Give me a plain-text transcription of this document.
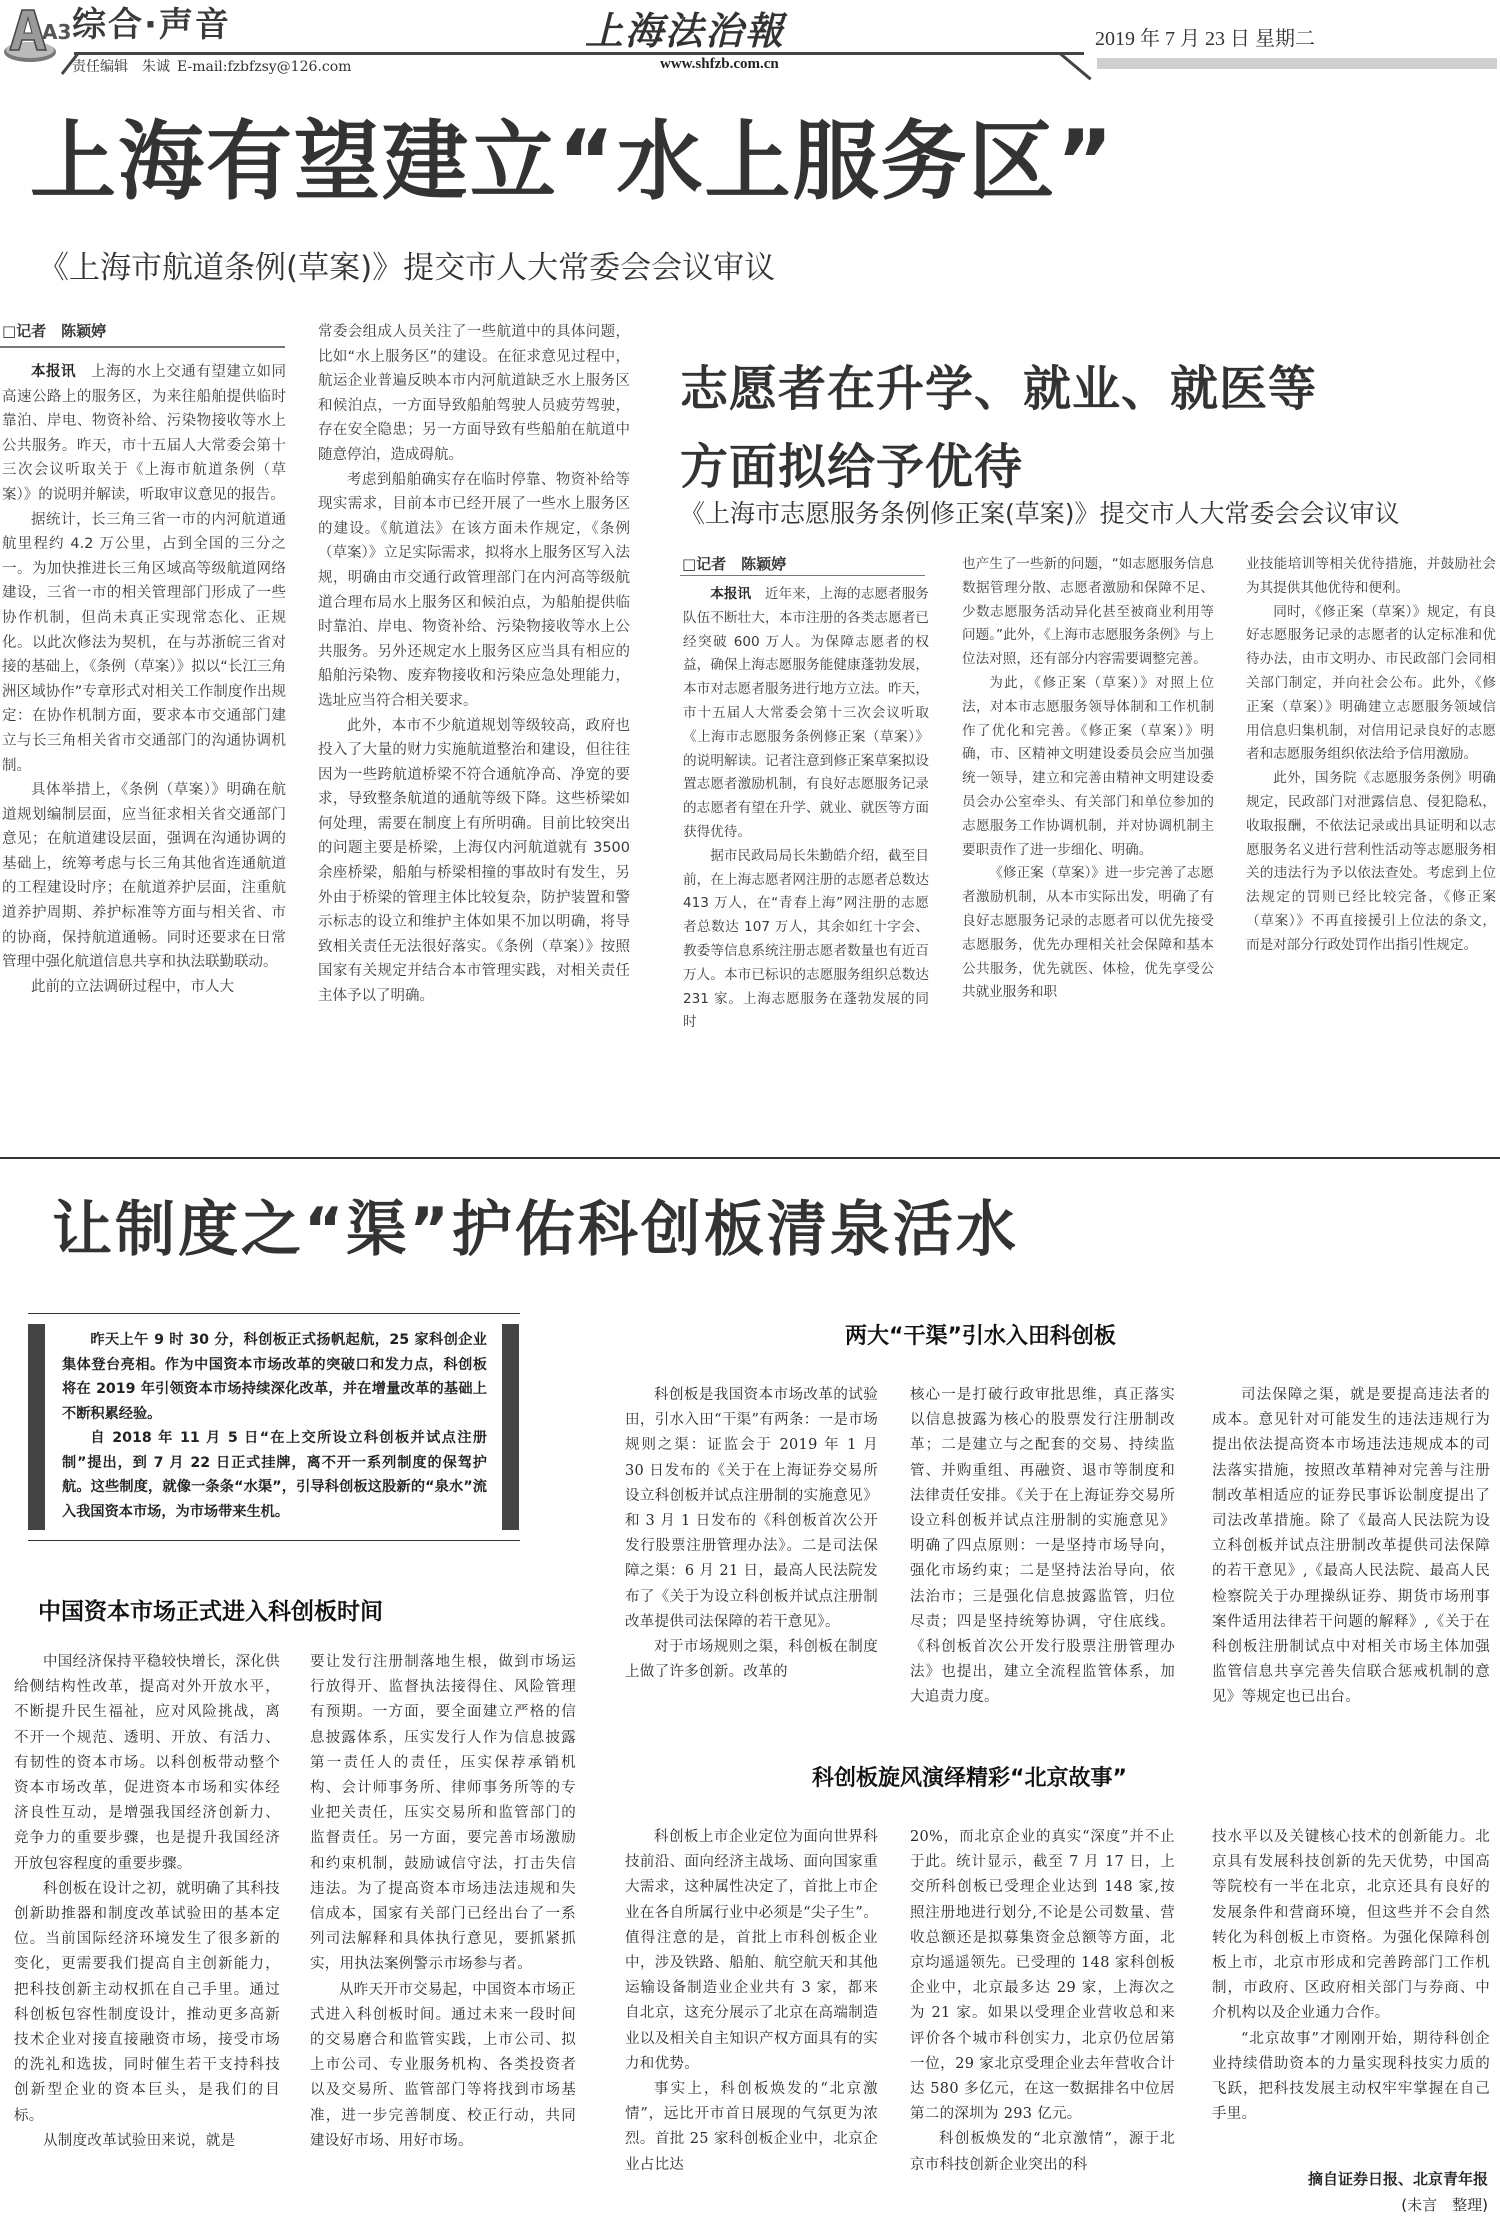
A3 综合·声音
责任编辑　 朱诚  E-mail:fzbfzsy@126.com
上海法治報
www.shfzb.com.cn
2019 年 7 月 23 日 星期二
上海有望建立“水上服务区”
《上海市航道条例(草案)》提交市人大常委会会议审议
□记者　陈颖婷

本报讯　 上海的水上交通有望建立如同高速公路上的服务区，为来往船舶提供临时靠泊、岸电、物资补给、污染物接收等水上公共服务。昨天，市十五届人大常委会第十三次会议听取关于《上海市航道条例（草案）》的说明并解读，听取审议意见的报告。

据统计，长三角三省一市的内河航道通航里程约 4.2 万公里，占到全国的三分之一。为加快推进长三角区域高等级航道网络建设，三省一市的相关管理部门形成了一些协作机制，但尚未真正实现常态化、正规化。以此次修法为契机，在与苏浙皖三省对接的基础上，《条例（草案）》拟以“长江三角洲区域协作”专章形式对相关工作制度作出规定：在协作机制方面，要求本市交通部门建立与长三角相关省市交通部门的沟通协调机制。

具体举措上，《条例（草案）》明确在航道规划编制层面，应当征求相关省交通部门意见；在航道建设层面，强调在沟通协调的基础上，统筹考虑与长三角其他省连通航道的工程建设时序；在航道养护层面，注重航道养护周期、养护标准等方面与相关省、市的协商，保持航道通畅。同时还要求在日常管理中强化航道信息共享和执法联勤联动。

此前的立法调研过程中，市人大

常委会组成人员关注了一些航道中的具体问题，比如“水上服务区”的建设。在征求意见过程中，航运企业普遍反映本市内河航道缺乏水上服务区和候泊点，一方面导致船舶驾驶人员疲劳驾驶，存在安全隐患；另一方面导致有些船舶在航道中随意停泊，造成碍航。

考虑到船舶确实存在临时停靠、物资补给等现实需求，目前本市已经开展了一些水上服务区的建设。《航道法》在该方面未作规定，《条例（草案）》立足实际需求，拟将水上服务区写入法规，明确由市交通行政管理部门在内河高等级航道合理布局水上服务区和候泊点，为船舶提供临时靠泊、岸电、物资补给、污染物接收等水上公共服务。另外还规定水上服务区应当具有相应的船舶污染物、废弃物接收和污染应急处理能力，选址应当符合相关要求。

此外，本市不少航道规划等级较高，政府也投入了大量的财力实施航道整治和建设，但往往因为一些跨航道桥梁不符合通航净高、净宽的要求，导致整条航道的通航等级下降。这些桥梁如何处理，需要在制度上有所明确。目前比较突出的问题主要是桥梁，上海仅内河航道就有 3500 余座桥梁，船舶与桥梁相撞的事故时有发生，另外由于桥梁的管理主体比较复杂，防护装置和警示标志的设立和维护主体如果不加以明确，将导致相关责任无法很好落实。《条例（草案）》按照国家有关规定并结合本市管理实践，对相关责任主体予以了明确。

志愿者在升学、就业、就医等
方面拟给予优待
《上海市志愿服务条例修正案(草案)》提交市人大常委会会议审议
□记者　陈颖婷

本报讯　 近年来，上海的志愿者服务队伍不断壮大，本市注册的各类志愿者已经突破 600 万人。为保障志愿者的权益，确保上海志愿服务能健康蓬勃发展，本市对志愿者服务进行地方立法。昨天，市十五届人大常委会第十三次会议听取《上海市志愿服务条例修正案（草案）》的说明解读。记者注意到修正案草案拟设置志愿者激励机制，有良好志愿服务记录的志愿者有望在升学、就业、就医等方面获得优待。

据市民政局局长朱勤皓介绍，截至目前，在上海志愿者网注册的志愿者总数达 413 万人，在“青春上海”网注册的志愿者总数达 107 万人，其余如红十字会、教委等信息系统注册志愿者数量也有近百万人。本市已标识的志愿服务组织总数达 231 家。上海志愿服务在蓬勃发展的同时

也产生了一些新的问题，“如志愿服务信息数据管理分散、志愿者激励和保障不足、少数志愿服务活动异化甚至被商业利用等问题。”此外，《上海市志愿服务条例》与上位法对照，还有部分内容需要调整完善。

为此，《修正案（草案）》对照上位法，对本市志愿服务领导体制和工作机制作了优化和完善。《修正案（草案）》明确，市、区精神文明建设委员会应当加强统一领导，建立和完善由精神文明建设委员会办公室牵头、有关部门和单位参加的志愿服务工作协调机制，并对协调机制主要职责作了进一步细化、明确。

《修正案（草案）》进一步完善了志愿者激励机制，从本市实际出发，明确了有良好志愿服务记录的志愿者可以优先接受志愿服务，优先办理相关社会保障和基本公共服务，优先就医、体检，优先享受公共就业服务和职

业技能培训等相关优待措施，并鼓励社会为其提供其他优待和便利。

同时，《修正案（草案）》规定，有良好志愿服务记录的志愿者的认定标准和优待办法，由市文明办、市民政部门会同相关部门制定，并向社会公布。此外，《修正案（草案）》明确建立志愿服务领域信用信息归集机制，对信用记录良好的志愿者和志愿服务组织依法给予信用激励。

此外，国务院《志愿服务条例》明确规定，民政部门对泄露信息、侵犯隐私，收取报酬，不依法记录或出具证明和以志愿服务名义进行营利性活动等志愿服务相关的违法行为予以依法查处。考虑到上位法规定的罚则已经比较完备，《修正案（草案）》不再直接援引上位法的条文，而是对部分行政处罚作出指引性规定。

让制度之“渠”护佑科创板清泉活水

昨天上午 9 时 30 分，科创板正式扬帆起航，25 家科创企业集体登台亮相。作为中国资本市场改革的突破口和发力点，科创板将在 2019 年引领资本市场持续深化改革，并在增量改革的基础上不断积累经验。

自 2018 年 11 月 5 日“在上交所设立科创板并试点注册制”提出，到 7 月 22 日正式挂牌，离不开一系列制度的保驾护航。这些制度，就像一条条“水渠”，引导科创板这股新的“泉水”流入我国资本市场，为市场带来生机。

中国资本市场正式进入科创板时间

中国经济保持平稳较快增长，深化供给侧结构性改革，提高对外开放水平，不断提升民生福祉，应对风险挑战，离不开一个规范、透明、开放、有活力、有韧性的资本市场。以科创板带动整个资本市场改革，促进资本市场和实体经济良性互动，是增强我国经济创新力、竞争力的重要步骤，也是提升我国经济开放包容程度的重要步骤。

科创板在设计之初，就明确了其科技创新助推器和制度改革试验田的基本定位。当前国际经济环境发生了很多新的变化，更需要我们提高自主创新能力，把科技创新主动权抓在自己手里。通过科创板包容性制度设计，推动更多高新技术企业对接直接融资市场，接受市场的洗礼和选拔，同时催生若干支持科技创新型企业的资本巨头，是我们的目标。

从制度改革试验田来说，就是

要让发行注册制落地生根，做到市场运行放得开、监督执法接得住、风险管理有预期。一方面，要全面建立严格的信息披露体系，压实发行人作为信息披露第一责任人的责任，压实保荐承销机构、会计师事务所、律师事务所等的专业把关责任，压实交易所和监管部门的监督责任。另一方面，要完善市场激励和约束机制，鼓励诚信守法，打击失信违法。为了提高资本市场违法违规和失信成本，国家有关部门已经出台了一系列司法解释和具体执行意见，要抓紧抓实，用执法案例警示市场参与者。

从昨天开市交易起，中国资本市场正式进入科创板时间。通过未来一段时间的交易磨合和监管实践，上市公司、拟上市公司、专业服务机构、各类投资者以及交易所、监管部门等将找到市场基准，进一步完善制度、校正行动，共同建设好市场、用好市场。

两大“干渠”引水入田科创板

科创板是我国资本市场改革的试验田，引水入田“干渠”有两条：一是市场规则之渠：证监会于 2019 年 1 月 30 日发布的《关于在上海证券交易所设立科创板并试点注册制的实施意见》和 3 月 1 日发布的《科创板首次公开发行股票注册管理办法》。二是司法保障之渠：6 月 21 日，最高人民法院发布了《关于为设立科创板并试点注册制改革提供司法保障的若干意见》。

对于市场规则之渠，科创板在制度上做了许多创新。改革的

核心一是打破行政审批思维，真正落实以信息披露为核心的股票发行注册制改革；二是建立与之配套的交易、持续监管、并购重组、再融资、退市等制度和法律责任安排。《关于在上海证券交易所设立科创板并试点注册制的实施意见》明确了四点原则：一是坚持市场导向，强化市场约束；二是坚持法治导向，依法治市；三是强化信息披露监管，归位尽责；四是坚持统筹协调，守住底线。《科创板首次公开发行股票注册管理办法》也提出，建立全流程监管体系，加大追责力度。

司法保障之渠，就是要提高违法者的成本。意见针对可能发生的违法违规行为提出依法提高资本市场违法违规成本的司法落实措施，按照改革精神对完善与注册制改革相适应的证券民事诉讼制度提出了司法改革措施。除了《最高人民法院为设立科创板并试点注册制改革提供司法保障的若干意见》,《最高人民法院、最高人民检察院关于办理操纵证券、期货市场刑事案件适用法律若干问题的解释》,《关于在科创板注册制试点中对相关市场主体加强监管信息共享完善失信联合惩戒机制的意见》等规定也已出台。

科创板旋风演绎精彩“北京故事”

科创板上市企业定位为面向世界科技前沿、面向经济主战场、面向国家重大需求，这种属性决定了，首批上市企业在各自所属行业中必须是“尖子生”。值得注意的是，首批上市科创板企业中，涉及铁路、船舶、航空航天和其他运输设备制造业企业共有 3 家，都来自北京，这充分展示了北京在高端制造业以及相关自主知识产权方面具有的实力和优势。

事实上，科创板焕发的“北京激情”，远比开市首日展现的气氛更为浓烈。首批 25 家科创板企业中，北京企业占比达

20%，而北京企业的真实“深度”并不止于此。统计显示，截至 7 月 17 日，上交所科创板已受理企业达到 148 家,按照注册地进行划分,不论是公司数量、营收总额还是拟募集资金总额等方面，北京均遥遥领先。已受理的 148 家科创板企业中，北京最多达 29 家，上海次之为 21 家。如果以受理企业营收总和来评价各个城市科创实力，北京仍位居第一位，29 家北京受理企业去年营收合计达 580 多亿元，在这一数据排名中位居第二的深圳为 293 亿元。

科创板焕发的“北京激情”，源于北京市科技创新企业突出的科

技水平以及关键核心技术的创新能力。北京具有发展科技创新的先天优势，中国高等院校有一半在北京，北京还具有良好的发展条件和营商环境，但这些并不会自然转化为科创板上市资格。为强化保障科创板上市，北京市形成和完善跨部门工作机制，市政府、区政府相关部门与券商、中介机构以及企业通力合作。

“北京故事”才刚刚开始，期待科创企业持续借助资本的力量实现科技实力质的飞跃，把科技发展主动权牢牢掌握在自己手里。

摘自证券日报、北京青年报
(未言　整理)
